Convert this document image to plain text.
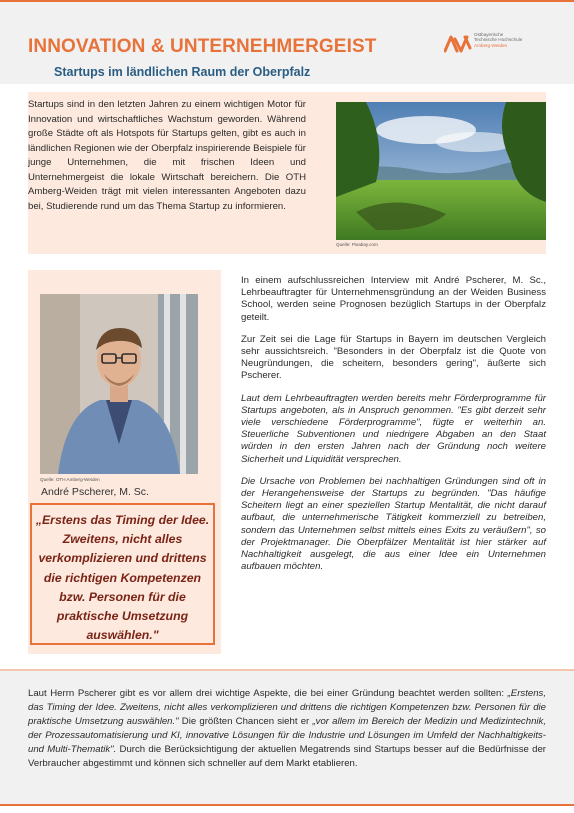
INNOVATION & UNTERNEHMERGEIST
Startups im ländlichen Raum der Oberpfalz
Ostbayerische
Technische Hochschule
Amberg-Weiden

Startups sind in den letzten Jahren zu einem wichtigen Motor für Innovation und wirtschaftliches Wachstum geworden. Während große Städte oft als Hotspots für Startups gelten, gibt es auch in ländlichen Regionen wie der Oberpfalz inspirierende Beispiele für junge Unternehmen, die mit frischen Ideen und Unternehmergeist die lokale Wirtschaft bereichern. Die OTH Amberg-Weiden trägt mit vielen interessanten Angeboten dazu bei, Studierende rund um das Thema Startup zu informieren.

Quelle: Pixabay.com
Quelle: OTH Amberg-Weiden
André Pscherer, M. Sc.

„Erstens das Timing der Idee. Zweitens, nicht alles verkomplizieren und drittens die richtigen Kompetenzen bzw. Personen für die praktische Umsetzung auswählen."

In einem aufschlussreichen Interview mit André Pscherer, M. Sc., Lehrbeauftragter für Unternehmensgründung an der Weiden Business School, werden seine Prognosen bezüglich Startups in der Oberpfalz geteilt.

Zur Zeit sei die Lage für Startups in Bayern im deutschen Vergleich sehr aussichtsreich. "Besonders in der Oberpfalz ist die Quote von Neugründungen, die scheitern, besonders gering", äußerte sich Pscherer.

Laut dem Lehrbeauftragten werden bereits mehr Förderprogramme für Startups angeboten, als in Anspruch genommen. "Es gibt derzeit sehr viele verschiedene Förderprogramme", fügte er weiterhin an. Steuerliche Subventionen und niedrigere Abgaben an den Staat würden in den ersten Jahren nach der Gründung noch weitere Sicherheit und Liquidität versprechen.

Die Ursache von Problemen bei nachhaltigen Gründungen sind oft in der Herangehensweise der Startups zu begründen. "Das häufige Scheitern liegt an einer speziellen Startup Mentalität, die nicht darauf aufbaut, die unternehmerische Tätigkeit kommerziell zu betreiben, sondern das Unternehmen selbst mittels eines Exits zu veräußern", so der Projektmanager. Die Oberpfälzer Mentalität ist hier stärker auf Nachhaltigkeit ausgelegt, die aus einer Idee ein Unternehmen aufbauen möchten.

Laut Herrn Pscherer gibt es vor allem drei wichtige Aspekte, die bei einer Gründung beachtet werden sollten: „Erstens, das Timing der Idee. Zweitens, nicht alles verkomplizieren und drittens die richtigen Kompetenzen bzw. Personen für die praktische Umsetzung auswählen." Die größten Chancen sieht er „vor allem im Bereich der Medizin und Medizintechnik, der Prozessautomatisierung und KI, innovative Lösungen für die Industrie und Lösungen im Umfeld der Nachhaltigkeits- und Multi-Thematik". Durch die Berücksichtigung der aktuellen Megatrends sind Startups besser auf die Bedürfnisse der Verbraucher abgestimmt und können sich schneller auf dem Markt etablieren.
